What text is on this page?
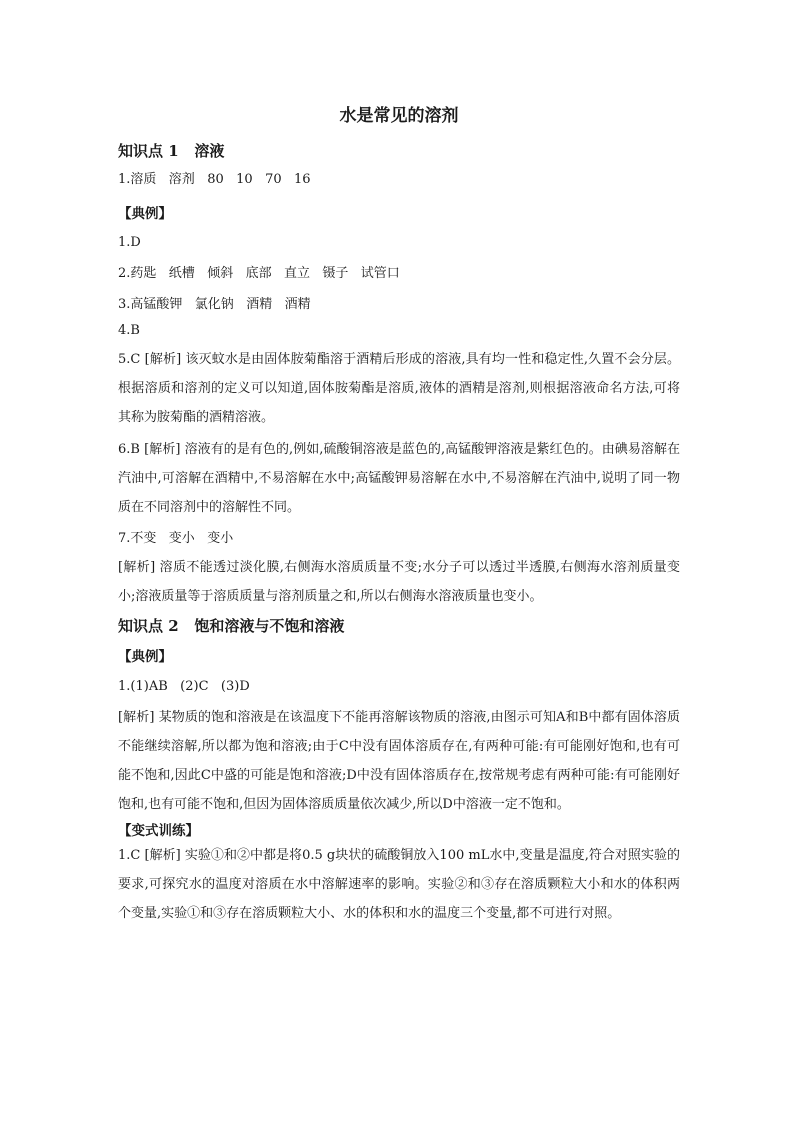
水是常见的溶剂
知识点 1   溶液
1.溶质   溶剂   80   10   70   16
【典例】
1.D
2.药匙   纸槽   倾斜   底部   直立   镊子   试管口
3.高锰酸钾   氯化钠   酒精   酒精
4.B
5.C [解析] 该灭蚊水是由固体胺菊酯溶于酒精后形成的溶液,具有均一性和稳定性,久置不会分层。根据溶质和溶剂的定义可以知道,固体胺菊酯是溶质,液体的酒精是溶剂,则根据溶液命名方法,可将其称为胺菊酯的酒精溶液。
6.B [解析] 溶液有的是有色的,例如,硫酸铜溶液是蓝色的,高锰酸钾溶液是紫红色的。由碘易溶解在汽油中,可溶解在酒精中,不易溶解在水中;高锰酸钾易溶解在水中,不易溶解在汽油中,说明了同一物质在不同溶剂中的溶解性不同。
7.不变   变小   变小
[解析] 溶质不能透过淡化膜,右侧海水溶质质量不变;水分子可以透过半透膜,右侧海水溶剂质量变小;溶液质量等于溶质质量与溶剂质量之和,所以右侧海水溶液质量也变小。
知识点 2   饱和溶液与不饱和溶液
【典例】
1.(1)AB   (2)C   (3)D
[解析] 某物质的饱和溶液是在该温度下不能再溶解该物质的溶液,由图示可知A和B中都有固体溶质不能继续溶解,所以都为饱和溶液;由于C中没有固体溶质存在,有两种可能:有可能刚好饱和,也有可能不饱和,因此C中盛的可能是饱和溶液;D中没有固体溶质存在,按常规考虑有两种可能:有可能刚好饱和,也有可能不饱和,但因为固体溶质质量依次减少,所以D中溶液一定不饱和。
【变式训练】
1.C [解析] 实验①和②中都是将0.5 g块状的硫酸铜放入100 mL水中,变量是温度,符合对照实验的要求,可探究水的温度对溶质在水中溶解速率的影响。实验②和③存在溶质颗粒大小和水的体积两个变量,实验①和③存在溶质颗粒大小、水的体积和水的温度三个变量,都不可进行对照。
